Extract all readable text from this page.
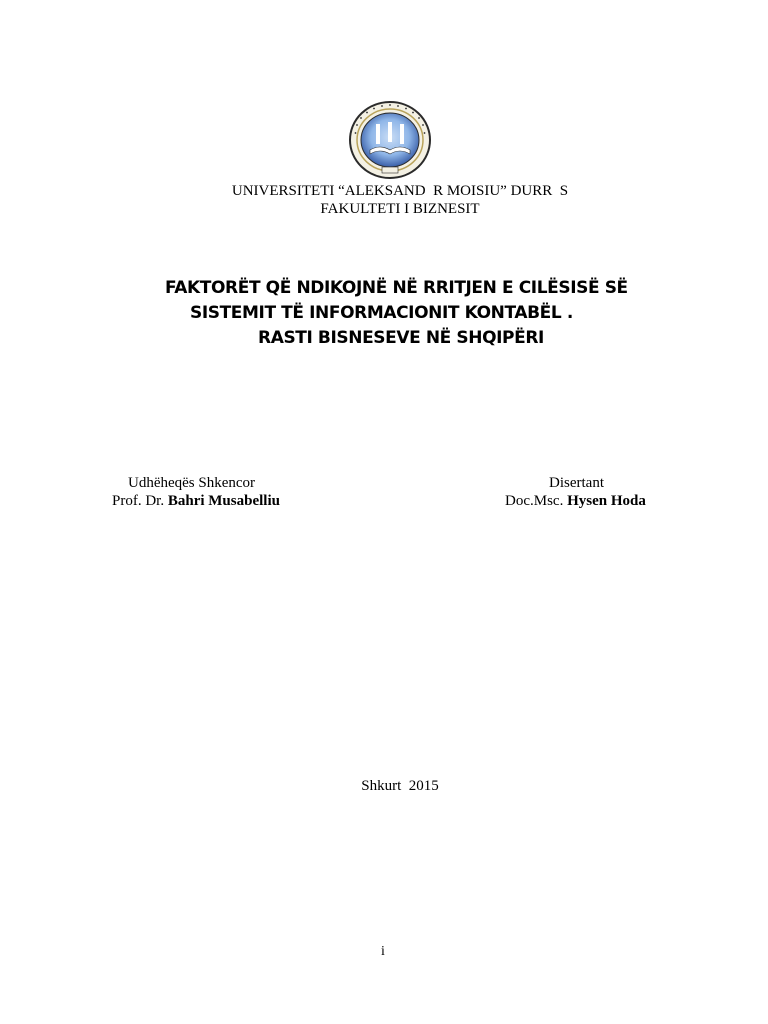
UNIVERSITETI “ALEKSAND  R MOISIU” DURR  S
FAKULTETI I BIZNESIT
FAKTORËT QË NDIKOJNË NË RRITJEN E CILËSISË SË
SISTEMIT TË INFORMACIONIT KONTABËL .
RASTI BISNESEVE NË SHQIPËRI
Udhëheqës Shkencor
Prof. Dr. Bahri Musabelliu
Disertant
Doc.Msc. Hysen Hoda
Shkurt  2015
i
